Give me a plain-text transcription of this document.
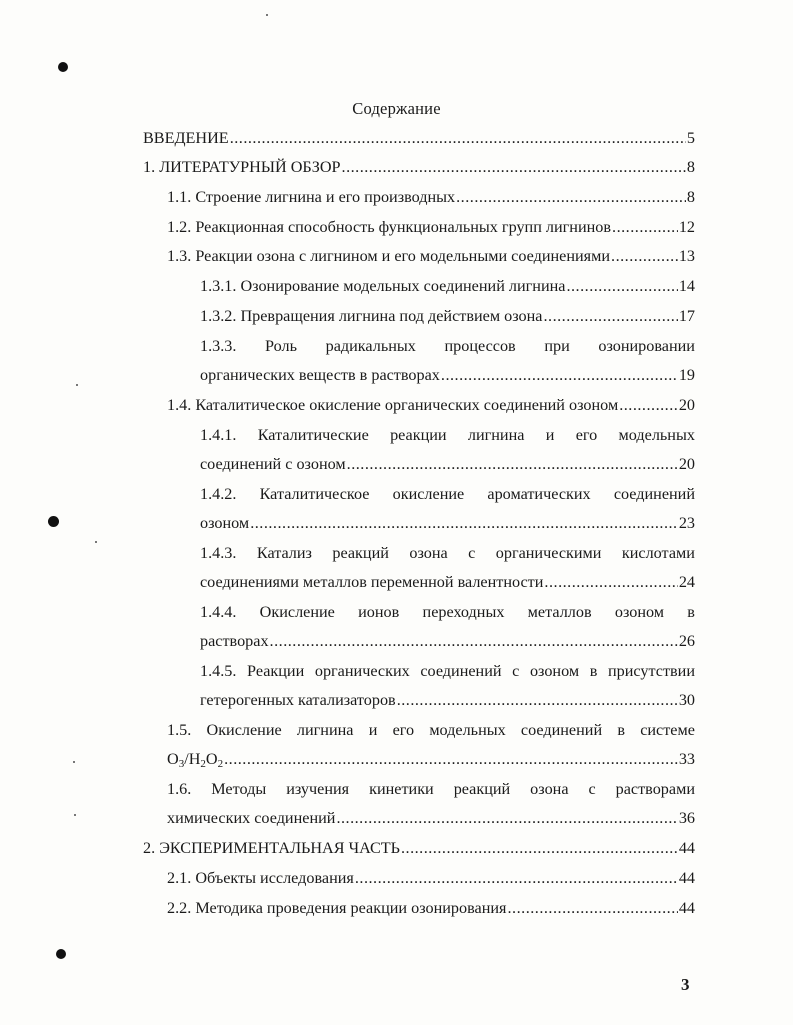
Содержание
ВВЕДЕНИЕ .....	5
1. ЛИТЕРАТУРНЫЙ ОБЗОР .....	8
1.1. Строение лигнина и его производных .....	8
1.2. Реакционная способность функциональных групп лигнинов .....	12
1.3. Реакции озона с лигнином и его модельными соединениями .....	13
1.3.1. Озонирование модельных соединений лигнина .....	14
1.3.2. Превращения лигнина под действием озона .....	17
1.3.3. Роль радикальных процессов при озонировании
органических веществ в растворах .....	19
1.4. Каталитическое окисление органических соединений озоном .....	20
1.4.1. Каталитические реакции лигнина и его модельных
соединений с озоном .....	20
1.4.2. Каталитическое окисление ароматических соединений
озоном .....	23
1.4.3. Катализ реакций озона с органическими кислотами
соединениями металлов переменной валентности .....	24
1.4.4. Окисление ионов переходных металлов озоном в
растворах .....	26
1.4.5. Реакции органических соединений с озоном в присутствии
гетерогенных катализаторов .....	30
1.5. Окисление лигнина и его модельных соединений в системе
$O_3/H_2O_2$ .....	33
1.6. Методы изучения кинетики реакций озона с растворами
химических соединений .....	36
2. ЭКСПЕРИМЕНТАЛЬНАЯ ЧАСТЬ .....	44
2.1. Объекты исследования .....	44
2.2. Методика проведения реакции озонирования .....	44
3
